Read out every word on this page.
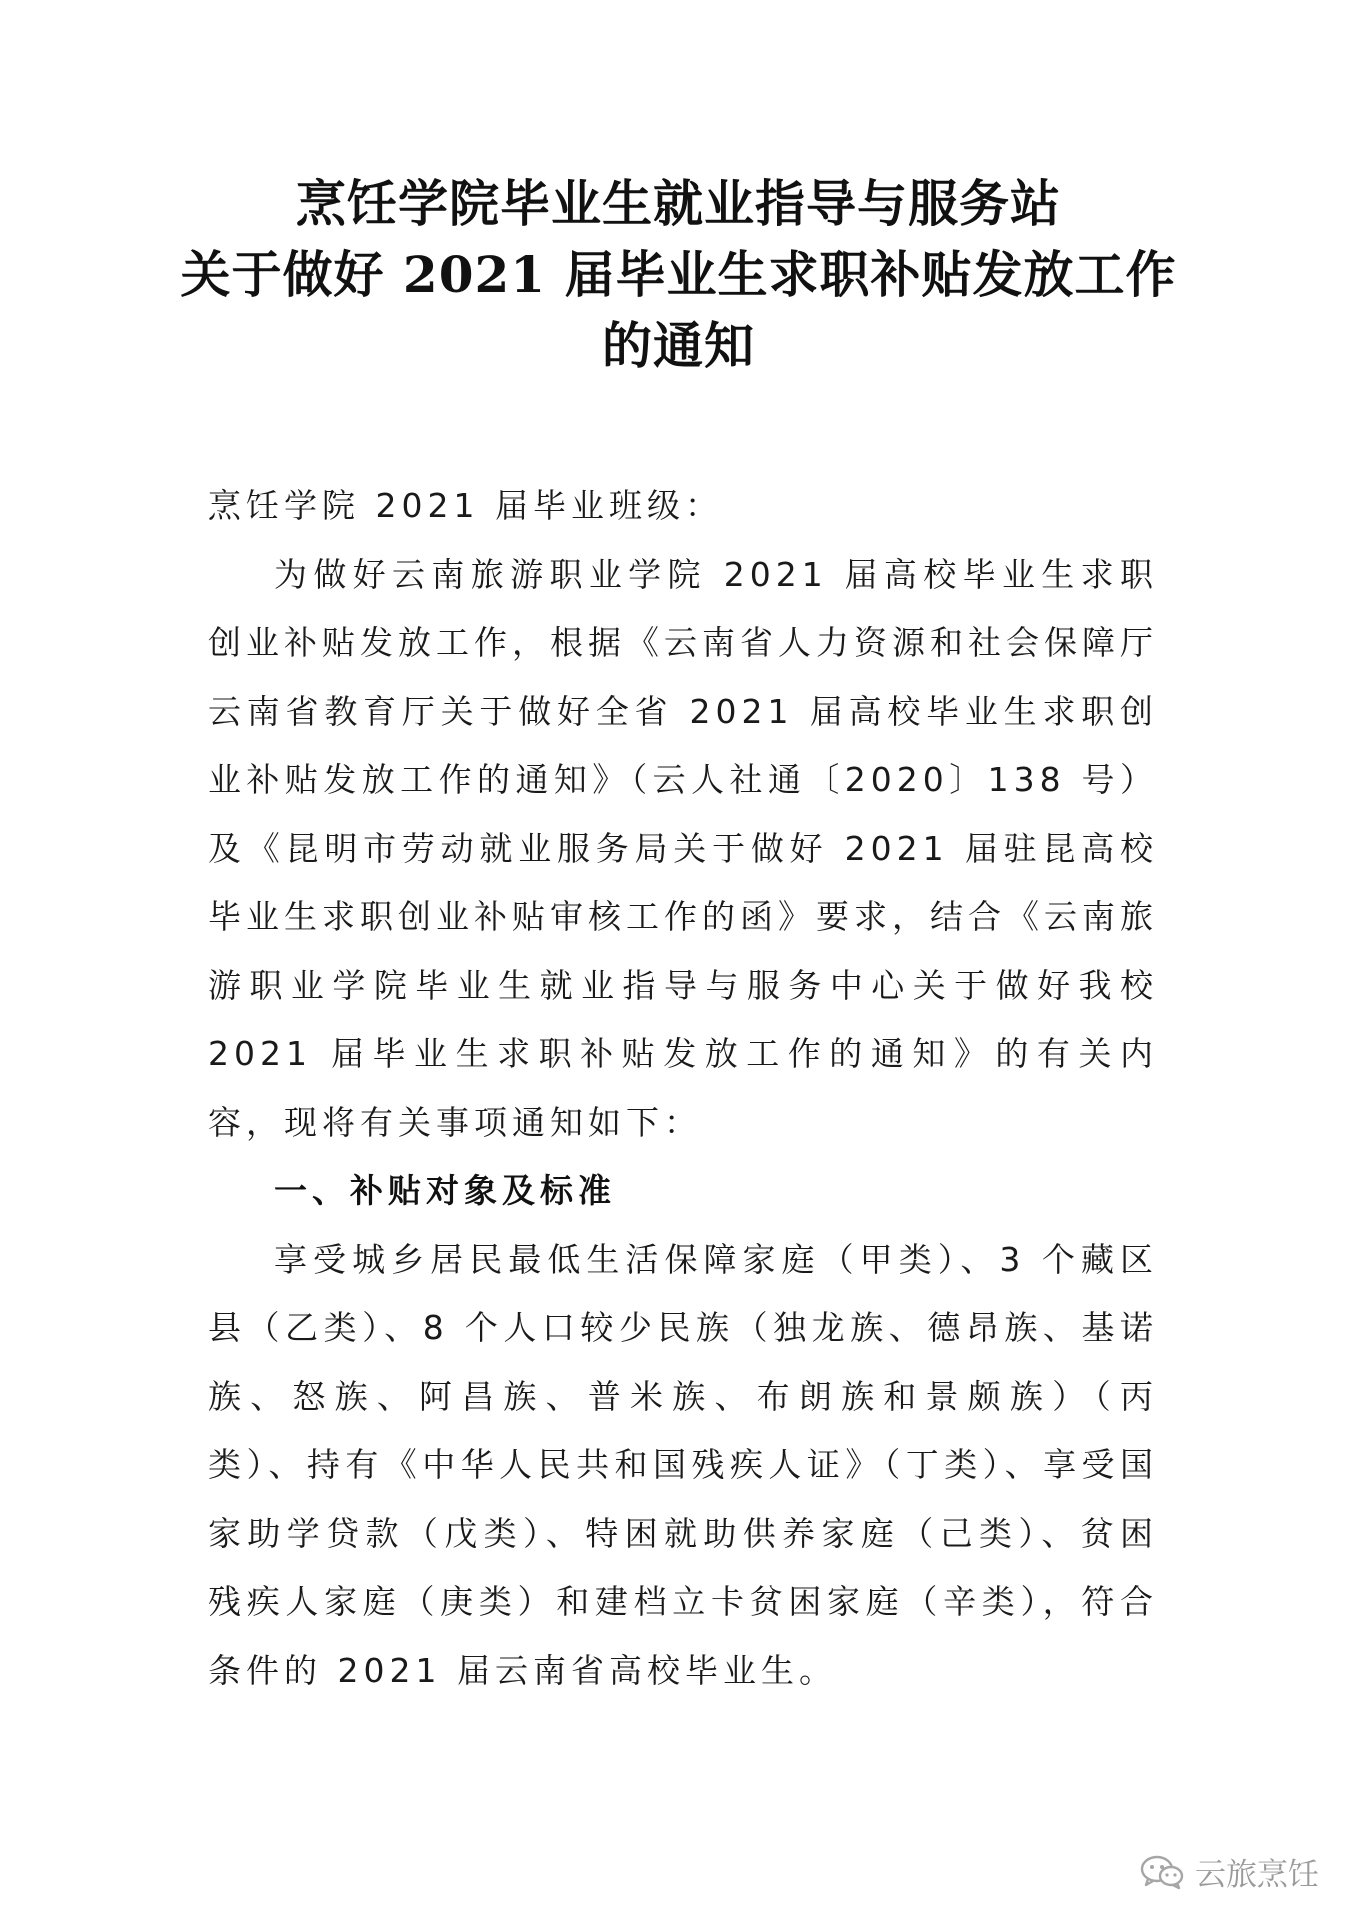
烹饪学院毕业生就业指导与服务站
关于做好 2021 届毕业生求职补贴发放工作
的通知

烹饪学院 2021 届毕业班级：

为做好云南旅游职业学院 2021 届高校毕业生求职创业补贴发放工作，根据《云南省人力资源和社会保障厅 云南省教育厅关于做好全省 2021 届高校毕业生求职创业补贴发放工作的通知》（云人社通〔2020〕138 号）及《昆明市劳动就业服务局关于做好 2021 届驻昆高校毕业生求职创业补贴审核工作的函》要求，结合《云南旅游职业学院毕业生就业指导与服务中心关于做好我校 2021 届毕业生求职补贴发放工作的通知》的有关内容，现将有关事项通知如下：

一、补贴对象及标准

享受城乡居民最低生活保障家庭（甲类）、3 个藏区县（乙类）、8 个人口较少民族（独龙族、德昂族、基诺族、怒族、阿昌族、普米族、布朗族和景颇族）（丙类）、持有《中华人民共和国残疾人证》（丁类）、享受国家助学贷款（戊类）、特困就助供养家庭（己类）、贫困残疾人家庭（庚类）和建档立卡贫困家庭（辛类），符合条件的 2021 届云南省高校毕业生。

云旅烹饪
